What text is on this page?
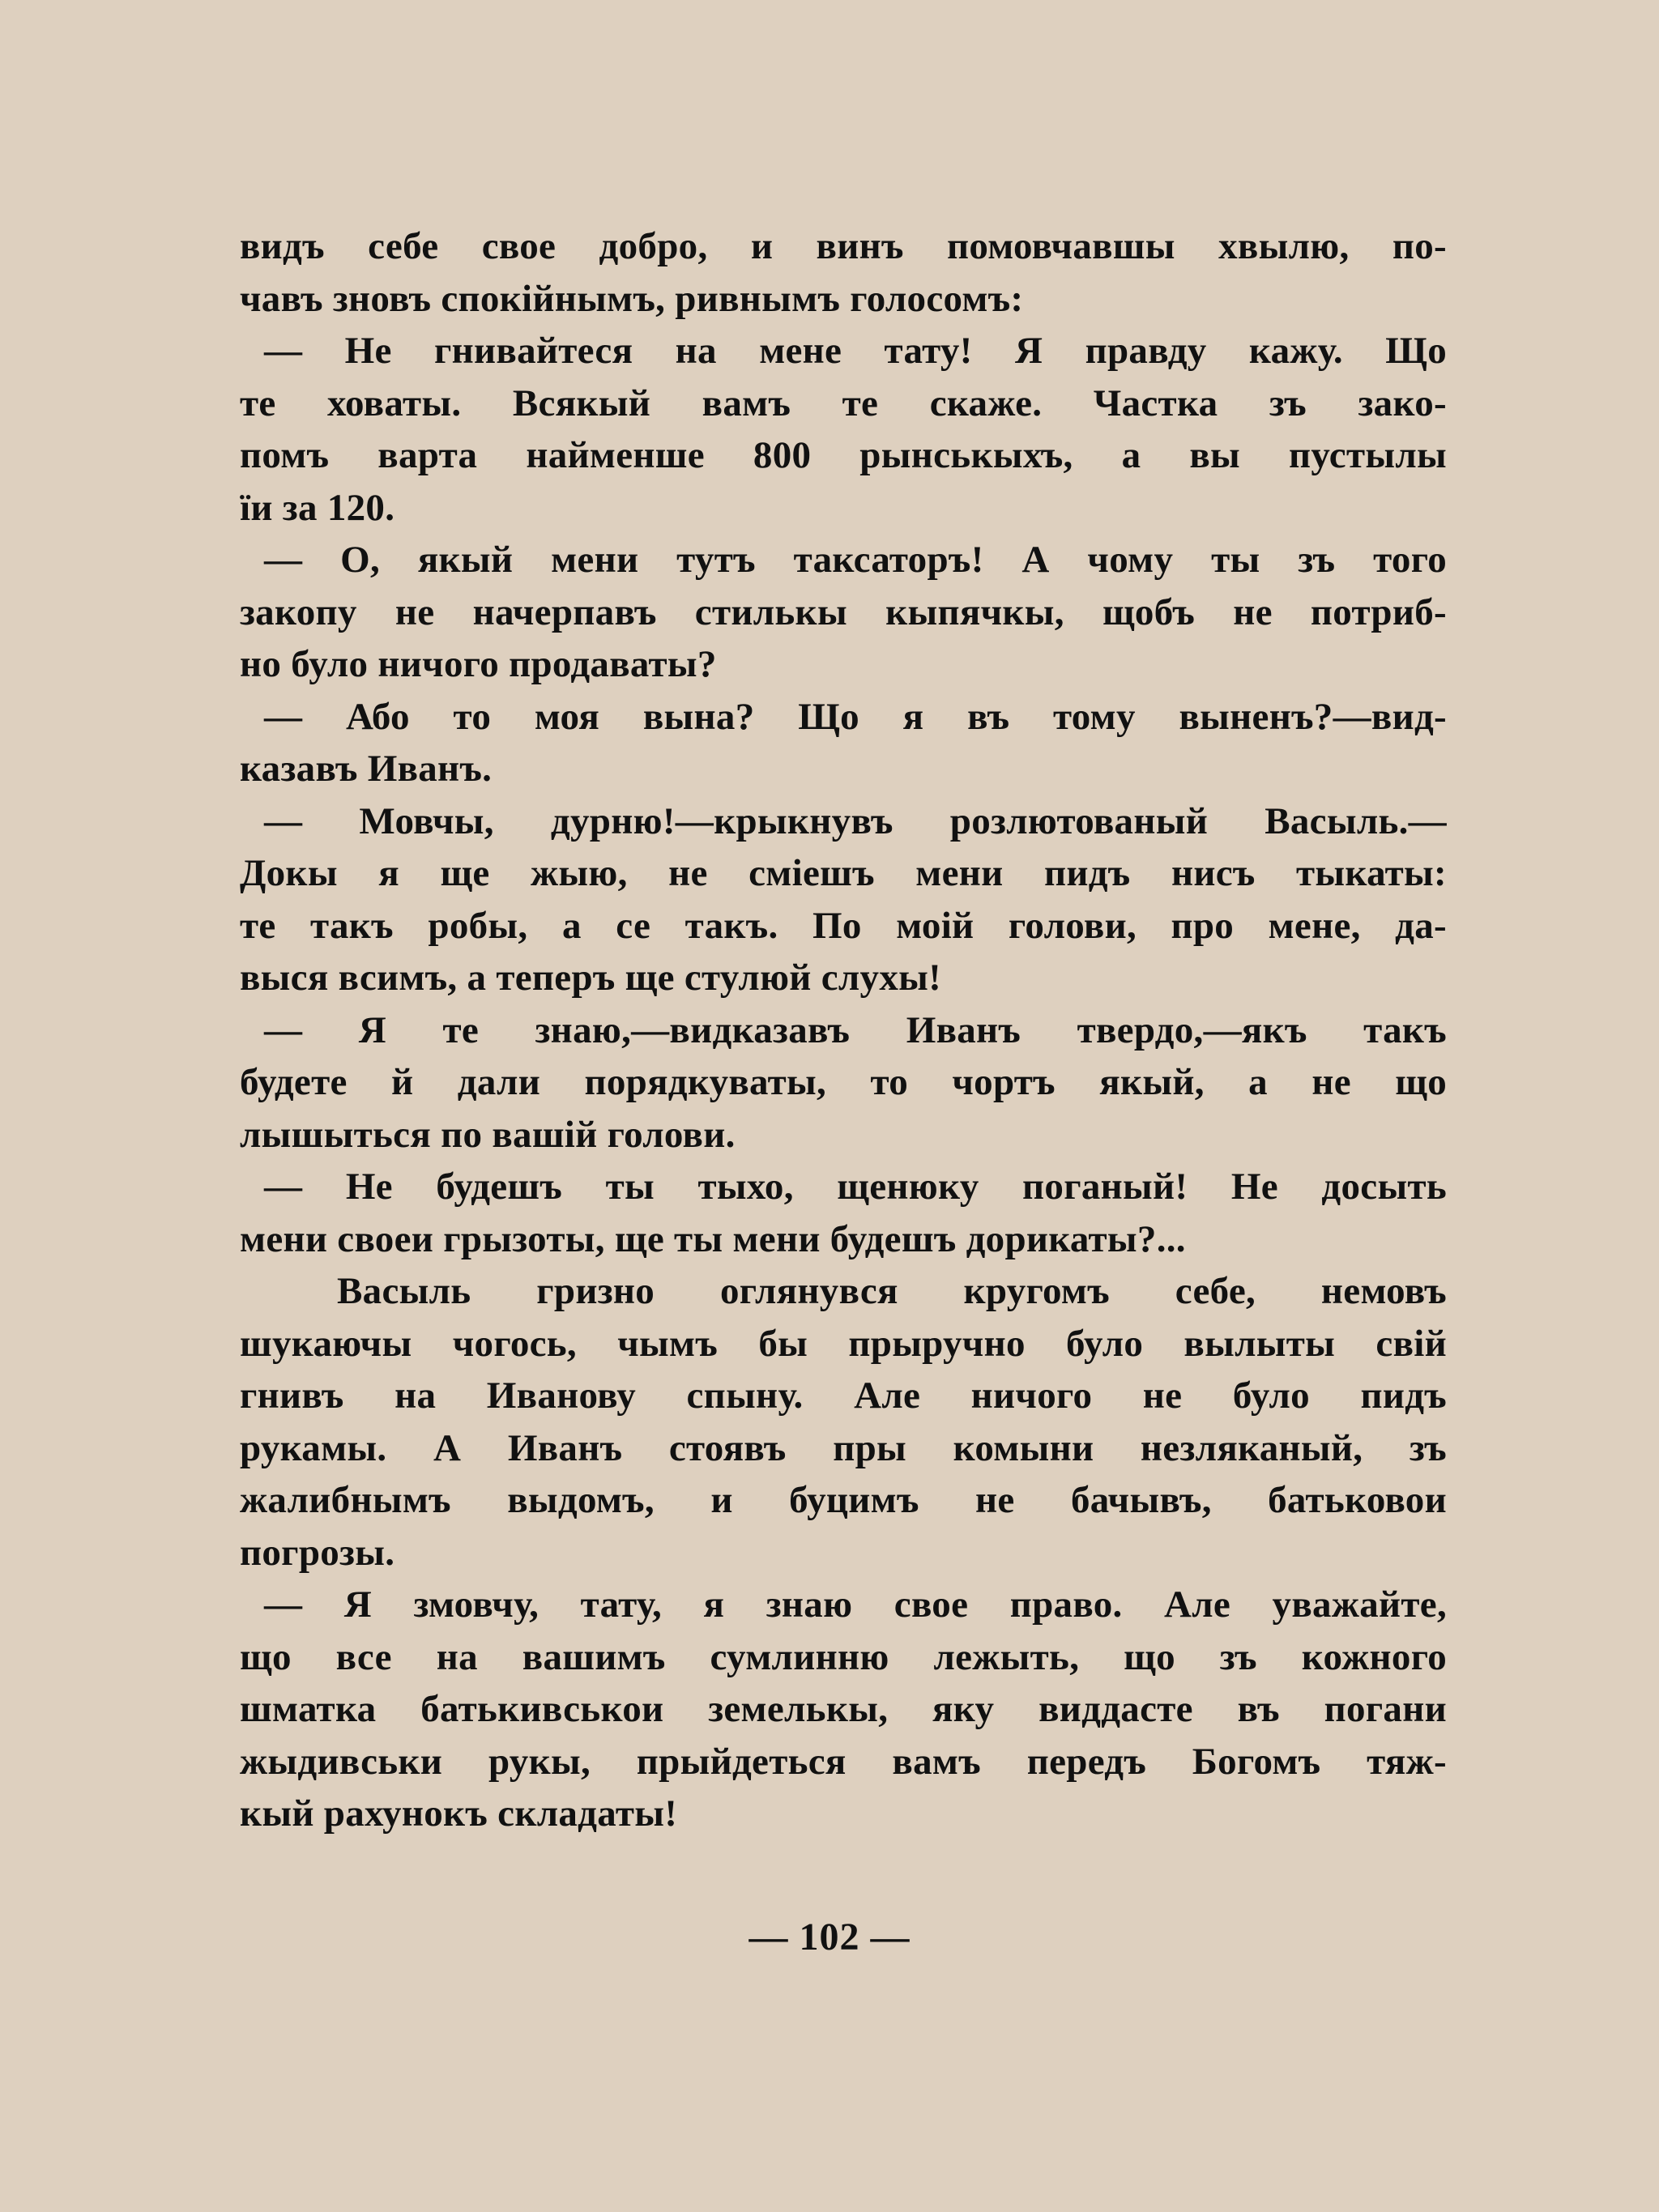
видъ себе свое добро, и винъ помовчавшы хвылю, по-
чавъ зновъ спокійнымъ, ривнымъ голосомъ:
— Не гнивайтеся на мене тату! Я правду кажу. Що
те ховаты. Всякый вамъ те скаже. Частка зъ зако-
помъ варта найменше 800 рынськыхъ, а вы пустылы
їи за 120.
— О, якый мени тутъ таксаторъ! А чому ты зъ того
закопу не начерпавъ стилькы кыпячкы, щобъ не потриб-
но було ничого продаваты?
— Або то моя вына? Що я въ тому выненъ?—вид-
казавъ Иванъ.
— Мовчы, дурню!—крыкнувъ розлютованый Васыль.—
Докы я ще жыю, не сміешъ мени пидъ нисъ тыкаты:
те такъ робы, а се такъ. По моій голови, про мене, да-
выся всимъ, а теперъ ще стулюй слухы!
— Я те знаю,—видказавъ Иванъ твердо,—якъ такъ
будете й дали порядкуваты, то чортъ якый, а не що
лышыться по вашій голови.
— Не будешъ ты тыхо, щенюку поганый! Не досыть
мени своеи грызоты, ще ты мени будешъ дорикаты?...
Васыль гризно оглянувся кругомъ себе, немовъ
шукаючы чогось, чымъ бы прыручно було вылыты свій
гнивъ на Иванову спыну. Але ничого не було пидъ
рукамы. А Иванъ стоявъ пры комыни незляканый, зъ
жалибнымъ выдомъ, и буцимъ не бачывъ, батьковои
погрозы.
— Я змовчу, тату, я знаю свое право. Але уважайте,
що все на вашимъ сумлинню лежыть, що зъ кожного
шматка батькивськои земелькы, яку виддасте въ погани
жыдивськи рукы, прыйдеться вамъ передъ Богомъ тяж-
кый рахунокъ складаты!
— 102 —
